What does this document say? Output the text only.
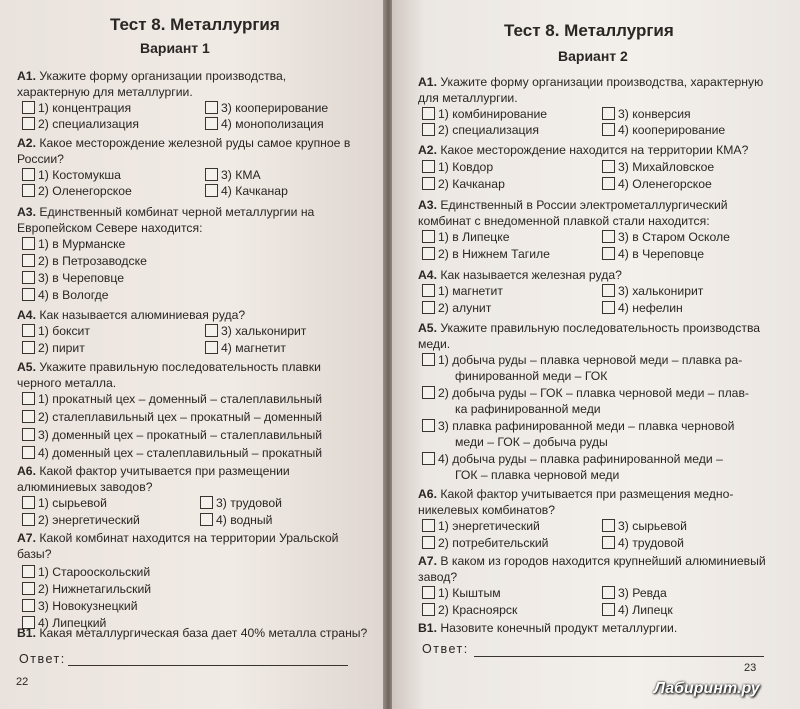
Тест 8. Металлургия
Вариант 1
А1. Укажите форму организации производства, характерную для металлургии.
1) концентрация	3) кооперирование
2) специализация	4) монополизация
А2. Какое месторождение железной руды самое крупное в России?
1) Костомукша	3) КМА
2) Оленегорское	4) Качканар
А3. Единственный комбинат черной металлургии на Европейском Севере находится:
1) в Мурманске
2) в Петрозаводске
3) в Череповце
4) в Вологде
А4. Как называется алюминиевая руда?
1) боксит	3) хальконирит
2) пирит	4) магнетит
А5. Укажите правильную последовательность плавки черного металла.
1) прокатный цех – доменный – сталеплавильный
2) сталеплавильный цех – прокатный – доменный
3) доменный цех – прокатный – сталеплавильный
4) доменный цех – сталеплавильный – прокатный
А6. Какой фактор учитывается при размещении алюминиевых заводов?
1) сырьевой	3) трудовой
2) энергетический	4) водный
А7. Какой комбинат находится на территории Уральской базы?
1) Старооскольский
2) Нижнетагильский
3) Новокузнецкий
4) Липецкий
В1. Какая металлургическая база дает 40% металла страны?
Ответ:
22
Тест 8. Металлургия
Вариант 2
А1. Укажите форму организации производства, характерную для металлургии.
1) комбинирование	3) конверсия
2) специализация	4) кооперирование
А2. Какое месторождение находится на территории КМА?
1) Ковдор	3) Михайловское
2) Качканар	4) Оленегорское
А3. Единственный в России электрометаллургический комбинат с внедоменной плавкой стали находится:
1) в Липецке	3) в Старом Осколе
2) в Нижнем Тагиле	4) в Череповце
А4. Как называется железная руда?
1) магнетит	3) хальконирит
2) алунит	4) нефелин
А5. Укажите правильную последовательность производства меди.
1) добыча руды – плавка черновой меди – плавка ра-
финированной меди – ГОК
2) добыча руды – ГОК – плавка черновой меди – плав-
ка рафинированной меди
3) плавка рафинированной меди – плавка черновой
меди – ГОК – добыча руды
4) добыча руды – плавка рафинированной меди –
ГОК – плавка черновой меди
А6. Какой фактор учитывается при размещения медно-никелевых комбинатов?
1) энергетический	3) сырьевой
2) потребительский	4) трудовой
А7. В каком из городов находится крупнейший алюминиевый завод?
1) Кыштым	3) Ревда
2) Красноярск	4) Липецк
В1. Назовите конечный продукт металлургии.
Ответ:
23
Лабиринт.ру
